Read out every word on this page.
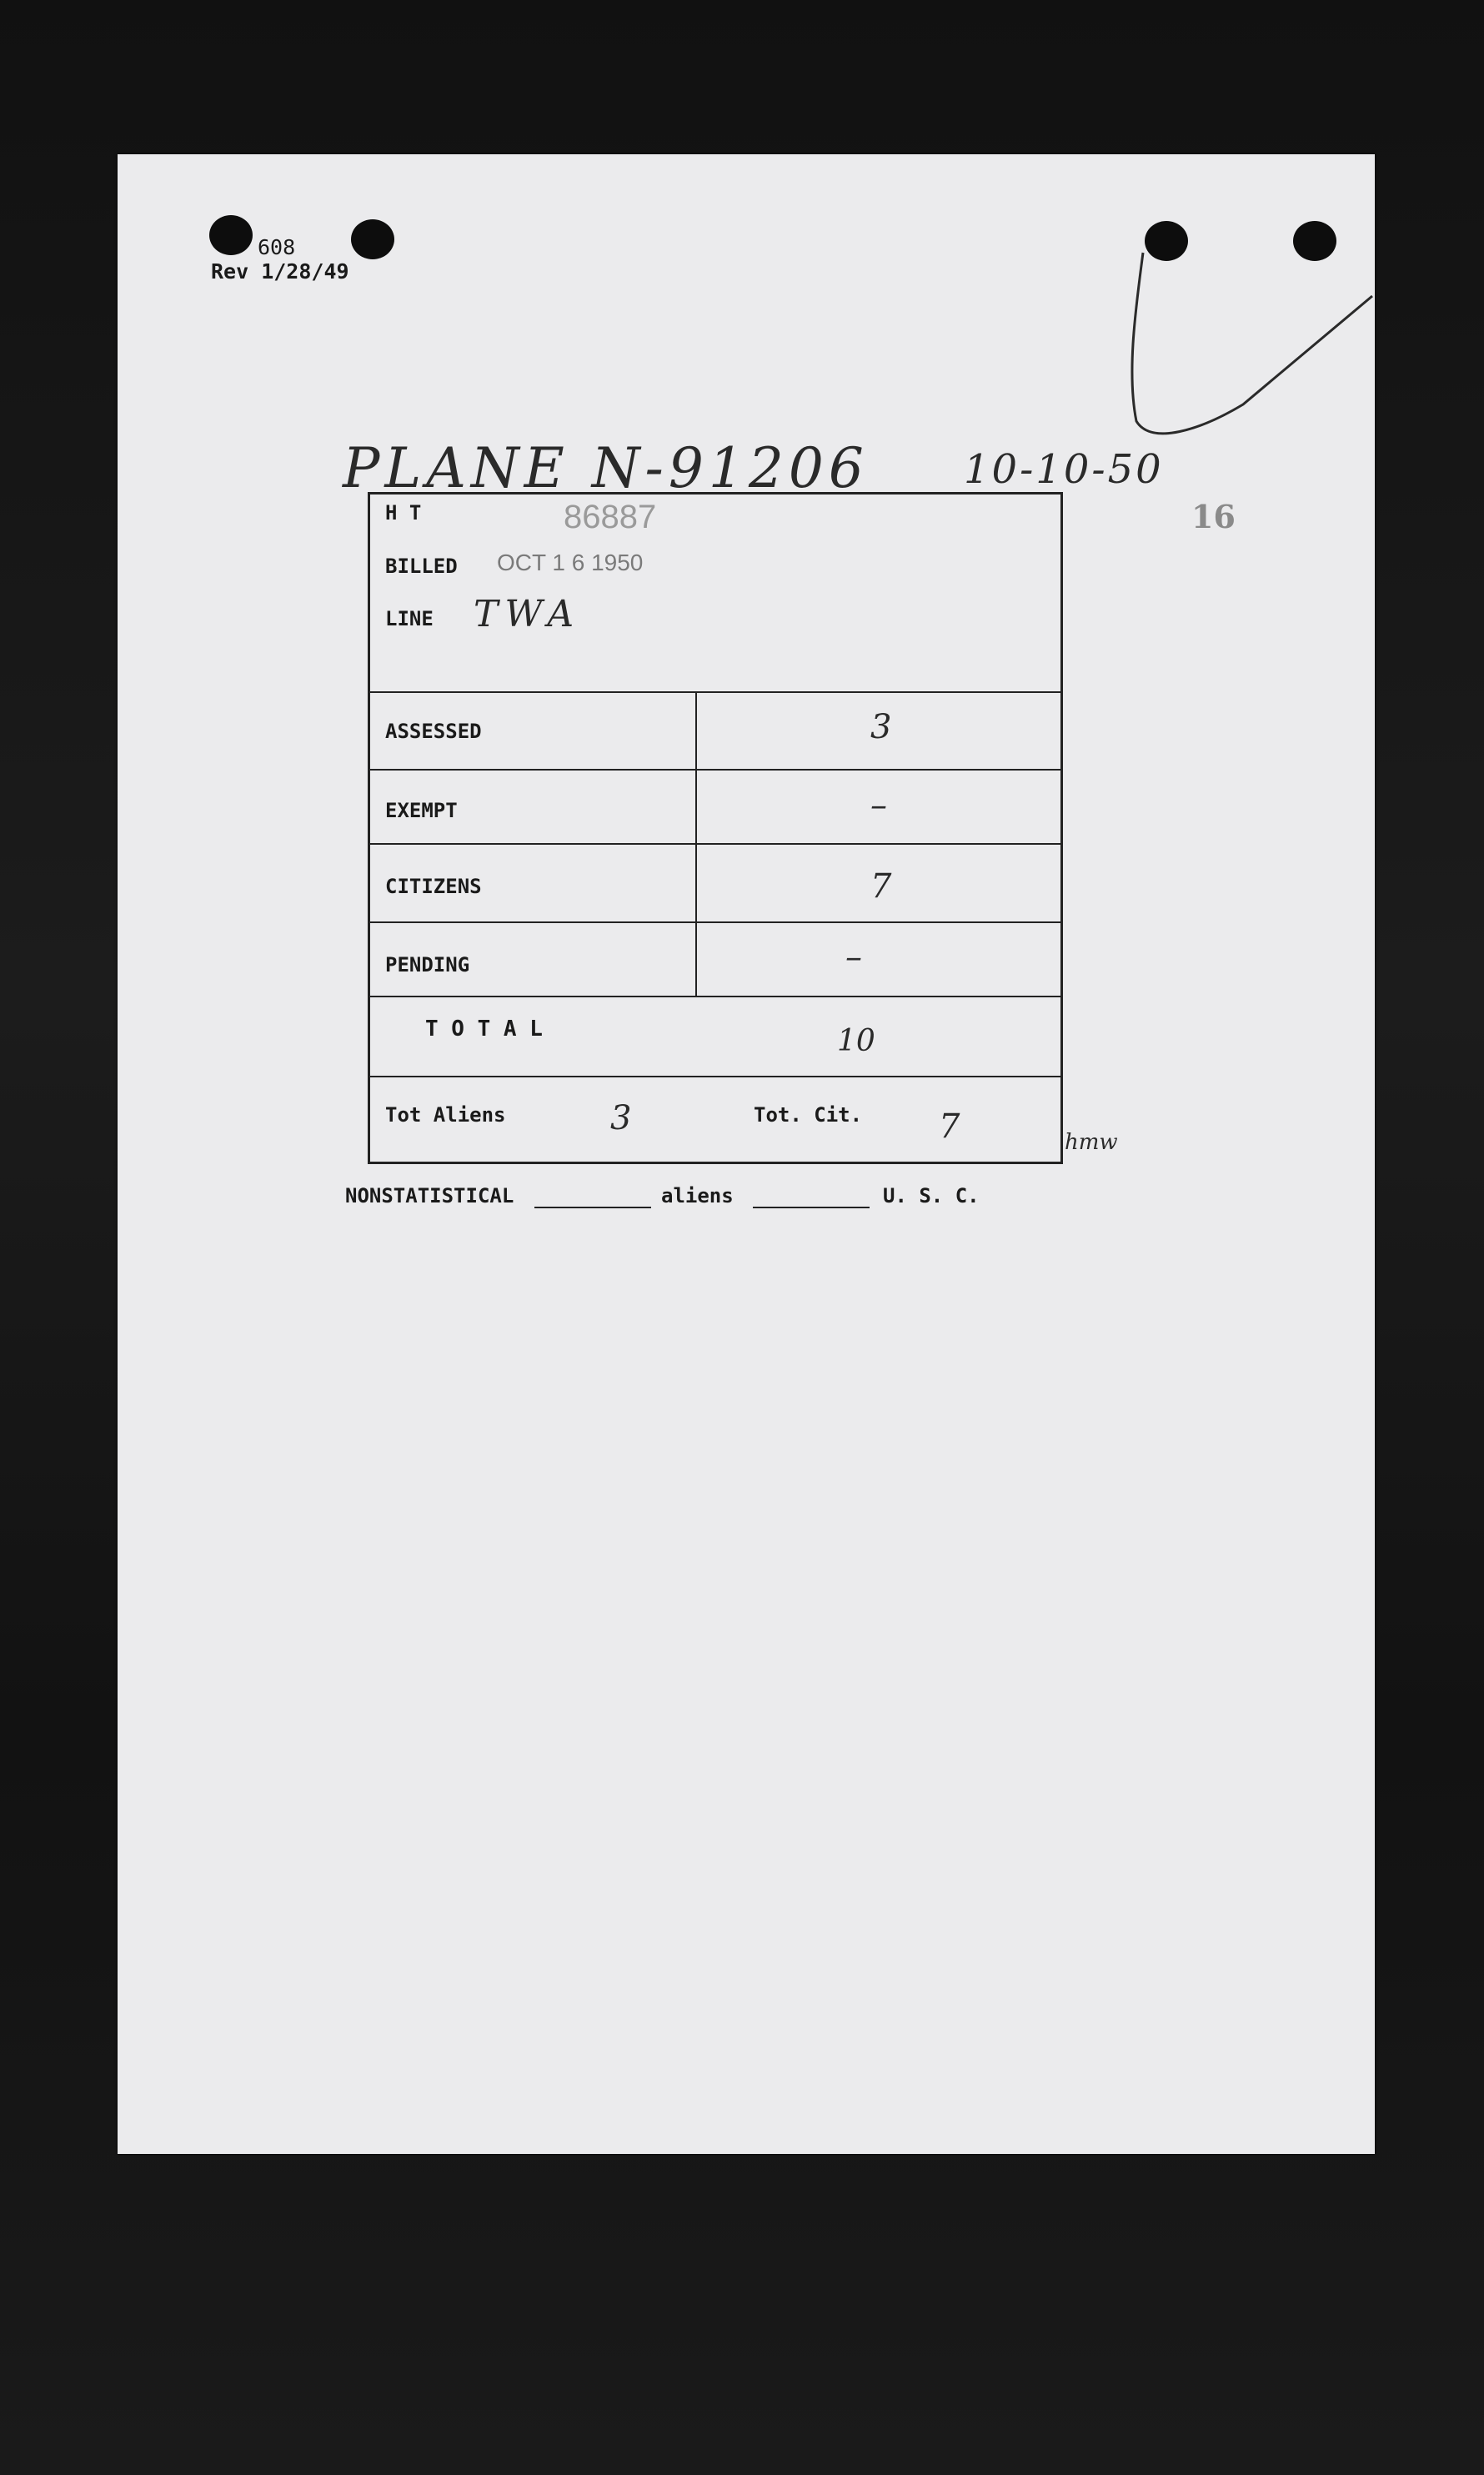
608
Rev 1/28/49
PLANE N-91206 10-10-50
16
H T	86887
BILLED OCT 1 6 1950
LINE TWA
ASSESSED	3
EXEMPT	–
CITIZENS	7
PENDING	–
T O T A L	10
Tot Aliens	3	Tot. Cit. 7	hmw
NONSTATISTICAL	aliens	U. S. C.
